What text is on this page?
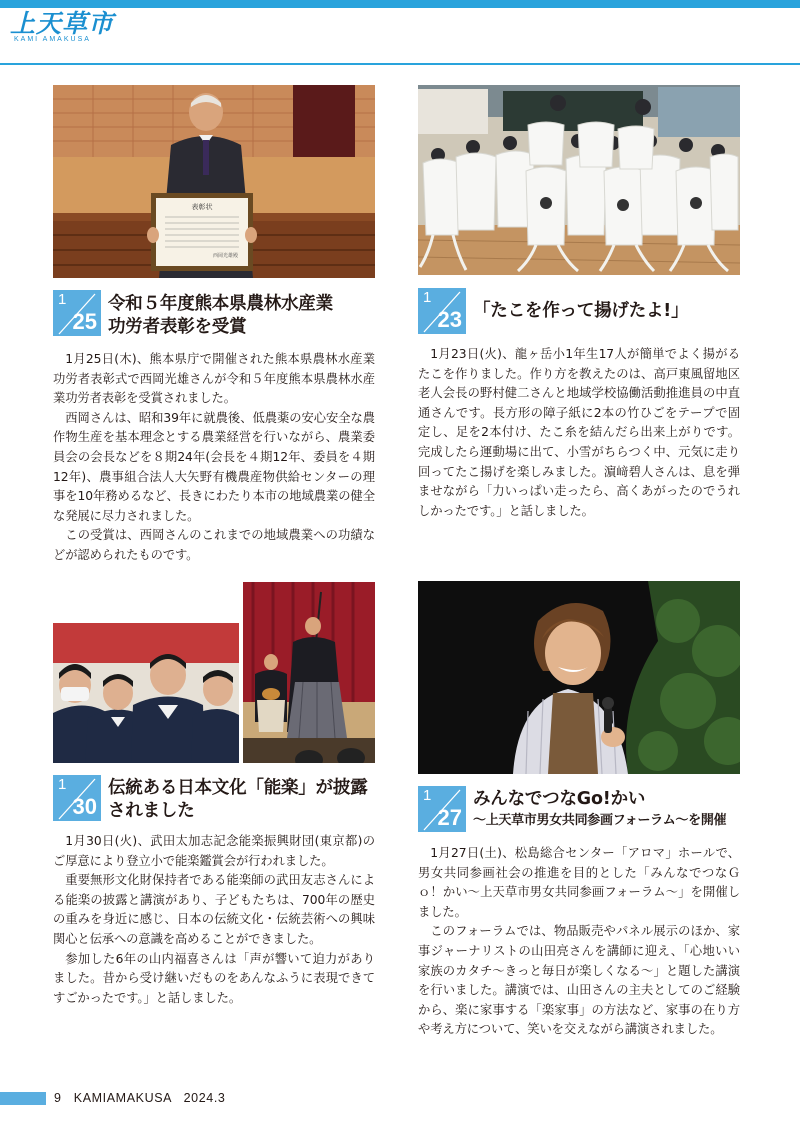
上天草市
KAMI AMAKUSA
表彰状
西岡光雄殿
1
25
令和５年度熊本県農林水産業
功労者表彰を受賞

1月25日(木)、熊本県庁で開催された熊本県農林水産業功労者表彰式で西岡光雄さんが令和５年度熊本県農林水産業功労者表彰を受賞されました。

西岡さんは、昭和39年に就農後、低農薬の安心安全な農作物生産を基本理念とする農業経営を行いながら、農業委員会の会長などを８期24年(会長を４期12年、委員を４期12年)、農事組合法人大矢野有機農産物供給センターの理事を10年務めるなど、長きにわたり本市の地域農業の健全な発展に尽力されました。

この受賞は、西岡さんのこれまでの地域農業への功績などが認められたものです。

1
23 「たこを作って揚げたよ!」

1月23日(火)、龍ヶ岳小1年生17人が簡単でよく揚がるたこを作りました。作り方を教えたのは、高戸東風留地区老人会長の野村健二さんと地域学校協働活動推進員の中直通さんです。長方形の障子紙に2本の竹ひごをテープで固定し、足を2本付け、たこ糸を結んだら出来上がりです。完成したら運動場に出て、小雪がちらつく中、元気に走り回ってたこ揚げを楽しみました。濵﨑碧人さんは、息を弾ませながら「力いっぱい走ったら、高くあがったのでうれしかったです。」と話しました。

1
30
伝統ある日本文化「能楽」が披露
されました

1月30日(火)、武田太加志記念能楽振興財団(東京都)のご厚意により登立小で能楽鑑賞会が行われました。

重要無形文化財保持者である能楽師の武田友志さんによる能楽の披露と講演があり、子どもたちは、700年の歴史の重みを身近に感じ、日本の伝統文化・伝統芸術への興味関心と伝承への意識を高めることができました。

参加した6年の山内福喜さんは「声が響いて迫力がありました。昔から受け継いだものをあんなふうに表現できてすごかったです。」と話しました。

1
27
みんなでつなGo!かい
～上天草市男女共同参画フォーラム～を開催

1月27日(土)、松島総合センター「アロマ」ホールで、男女共同参画社会の推進を目的とした「みんなでつなＧｏ！かい～上天草市男女共同参画フォーラム～」を開催しました。

このフォーラムでは、物品販売やパネル展示のほか、家事ジャーナリストの山田亮さんを講師に迎え、「心地いい家族のカタチ～きっと毎日が楽しくなる～」と題した講演を行いました。講演では、山田さんの主夫としてのご経験から、楽に家事する「楽家事」の方法など、家事の在り方や考え方について、笑いを交えながら講演されました。

9 KAMIAMAKUSA 2024.3
